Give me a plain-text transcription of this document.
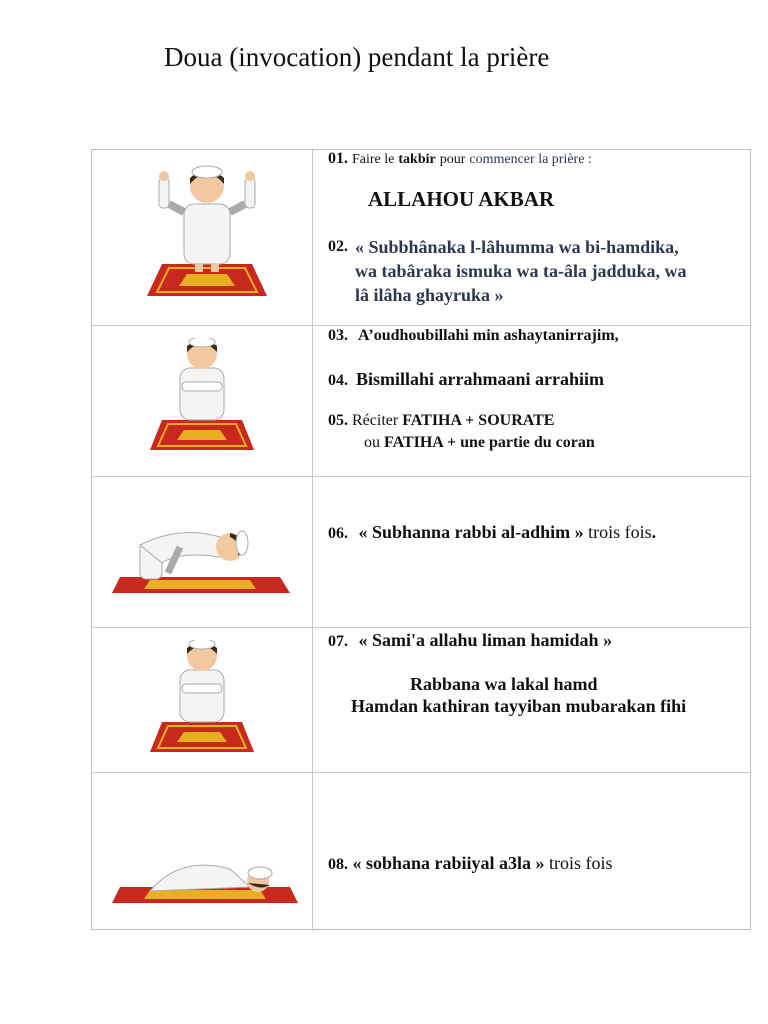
Doua (invocation) pendant la prière
01. Faire le takbir pour commencer la prière :
ALLAHOU AKBAR
02. « Subbhânaka l-lâhumma wa bi-hamdika,
wa tabâraka ismuka wa ta-âla jadduka, wa
lâ ilâha ghayruka »
03. A’oudhoubillahi min ashaytanirrajim,
04. Bismillahi arrahmaani arrahiim
05. Réciter FATIHA + SOURATE
ou FATIHA + une partie du coran
06. « Subhanna rabbi al-adhim » trois fois.
07. « Sami'a allahu liman hamidah »
Rabbana wa lakal hamd
Hamdan kathiran tayyiban mubarakan fihi
08. « sobhana rabiiyal a3la » trois fois
